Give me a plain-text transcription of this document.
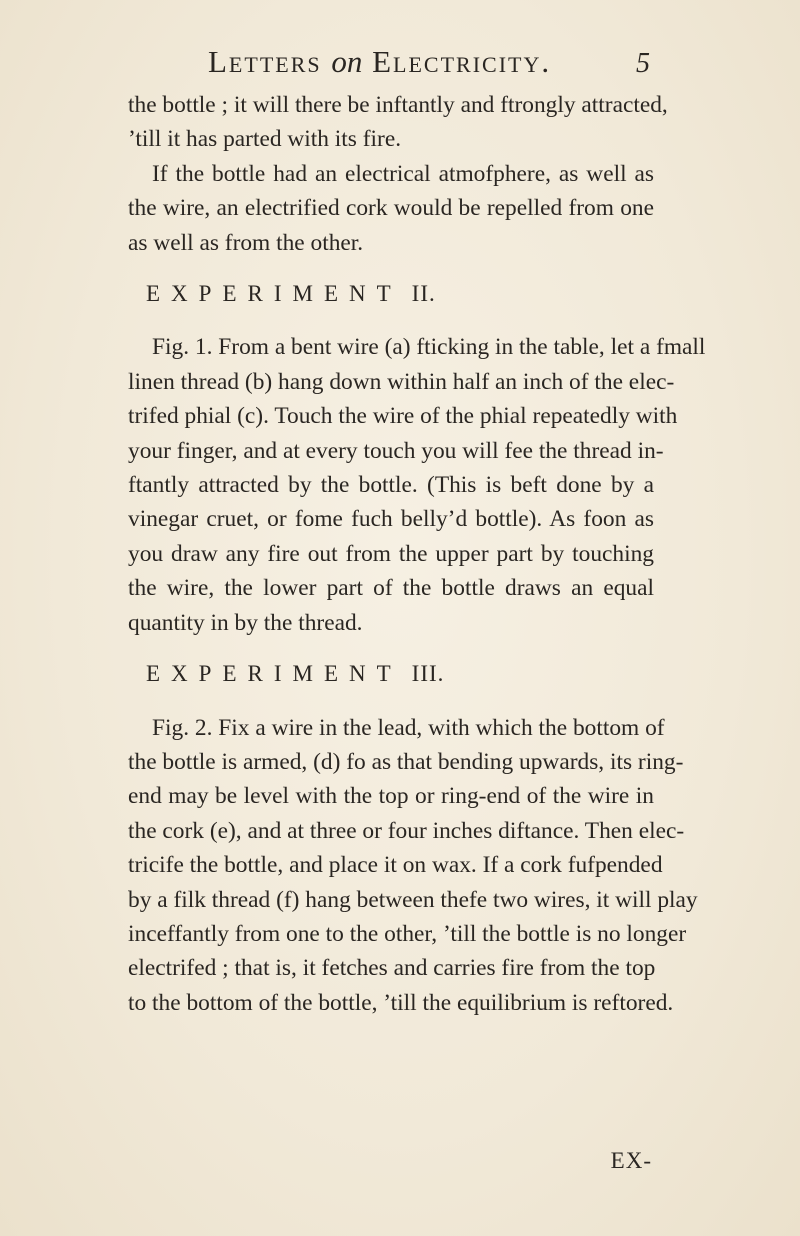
Letters on Electricity.	5

the bottle ; it will there be inftantly and ftrongly attracted,
’till it has parted with its fire.

If the bottle had an electrical atmofphere, as well as
the wire, an electrified cork would be repelled from one
as well as from the other.

EXPERIMENT II.

Fig. 1. From a bent wire (a) fticking in the table, let a fmall
linen thread (b) hang down within half an inch of the elec-
trifed phial (c). Touch the wire of the phial repeatedly with
your finger, and at every touch you will fee the thread in-
ftantly attracted by the bottle. (This is beft done by a
vinegar cruet, or fome fuch belly’d bottle). As foon as
you draw any fire out from the upper part by touching
the wire, the lower part of the bottle draws an equal
quantity in by the thread.

EXPERIMENT III.

Fig. 2. Fix a wire in the lead, with which the bottom of
the bottle is armed, (d) fo as that bending upwards, its ring-
end may be level with the top or ring-end of the wire in
the cork (e), and at three or four inches diftance. Then elec-
tricife the bottle, and place it on wax. If a cork fufpended
by a filk thread (f) hang between thefe two wires, it will play
inceffantly from one to the other, ’till the bottle is no longer
electrifed ; that is, it fetches and carries fire from the top
to the bottom of the bottle, ’till the equilibrium is reftored.

EX-
